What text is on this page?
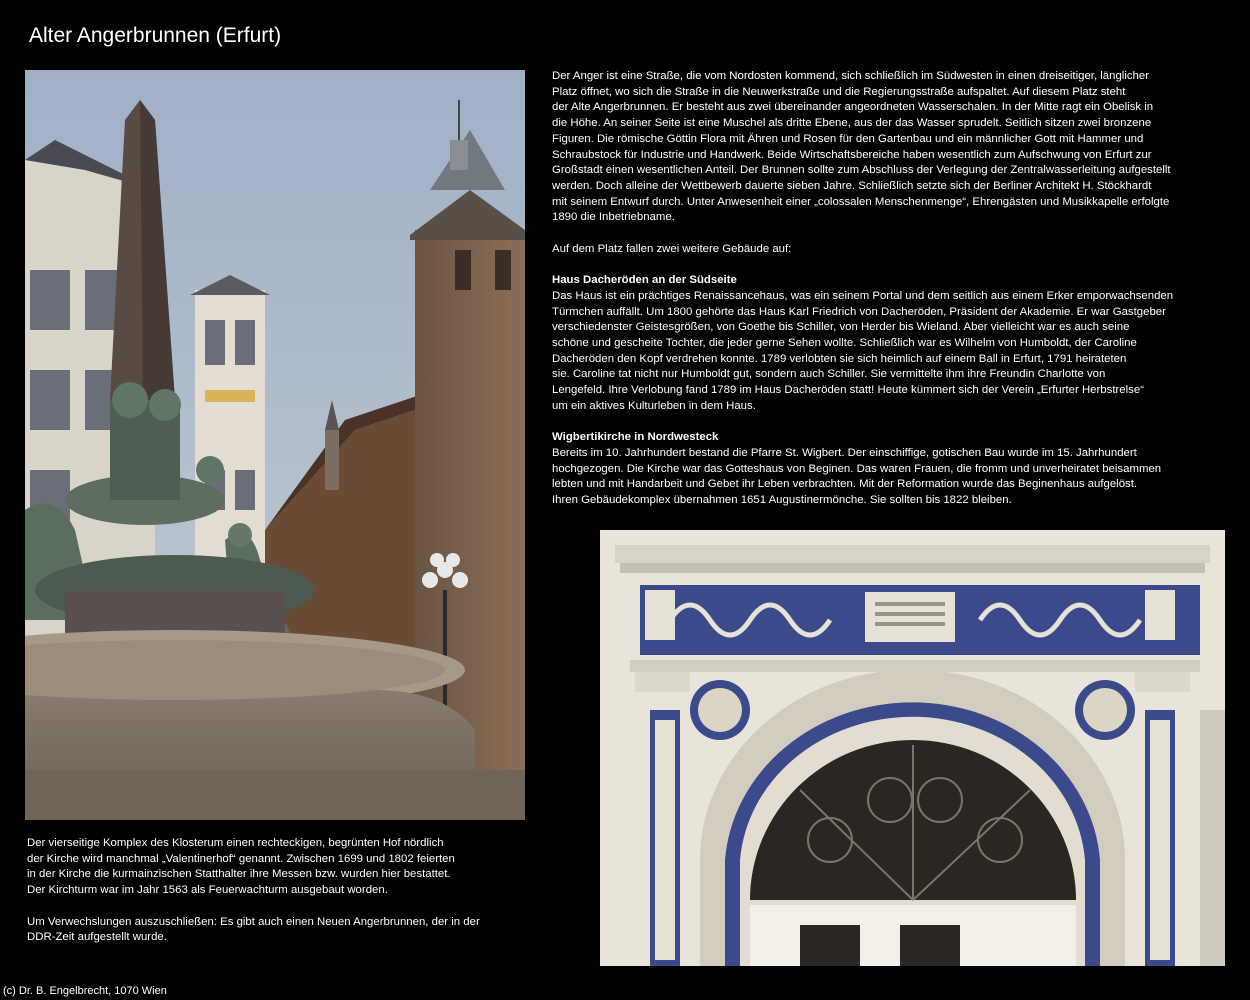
Alter Angerbrunnen (Erfurt)

Der Anger ist eine Straße, die vom Nordosten kommend, sich schließlich im Südwesten in einen dreiseitiger, länglicher
Platz öffnet, wo sich die Straße in die Neuwerkstraße und die Regierungsstraße aufspaltet. Auf diesem Platz steht
der Alte Angerbrunnen. Er besteht aus zwei übereinander angeordneten Wasserschalen. In der Mitte ragt ein Obelisk in
die Höhe. An seiner Seite ist eine Muschel als dritte Ebene, aus der das Wasser sprudelt. Seitlich sitzen zwei bronzene
Figuren. Die römische Göttin Flora mit Ähren und Rosen für den Gartenbau und ein männlicher Gott mit Hammer und
Schraubstock für Industrie und Handwerk. Beide Wirtschaftsbereiche haben wesentlich zum Aufschwung von Erfurt zur
Großstadt einen wesentlichen Anteil. Der Brunnen sollte zum Abschluss der Verlegung der Zentralwasserleitung aufgestellt
werden. Doch alleine der Wettbewerb dauerte sieben Jahre. Schließlich setzte sich der Berliner Architekt H. Stöckhardt
mit seinem Entwurf durch. Unter Anwesenheit einer „colossalen Menschenmenge“, Ehrengästen und Musikkapelle erfolgte
1890 die Inbetriebname.

Auf dem Platz fallen zwei weitere Gebäude auf:

Haus Dacheröden an der Südseite

Das Haus ist ein prächtiges Renaissancehaus, was ein seinem Portal und dem seitlich aus einem Erker emporwachsenden
Türmchen auffällt. Um 1800 gehörte das Haus Karl Friedrich von Dacheröden, Präsident der Akademie. Er war Gastgeber
verschiedenster Geistesgrößen, von Goethe bis Schiller, von Herder bis Wieland. Aber vielleicht war es auch seine
schöne und gescheite Tochter, die jeder gerne Sehen wollte. Schließlich war es Wilhelm von Humboldt, der Caroline
Dacheröden den Kopf verdrehen konnte. 1789 verlobten sie sich heimlich auf einem Ball in Erfurt, 1791 heirateten
sie. Caroline tat nicht nur Humboldt gut, sondern auch Schiller. Sie vermittelte ihm ihre Freundin Charlotte von
Lengefeld. Ihre Verlobung fand 1789 im Haus Dacheröden statt! Heute kümmert sich der Verein „Erfurter Herbstrelse“
um ein aktives Kulturleben in dem Haus.

Wigbertikirche in Nordwesteck

Bereits im 10. Jahrhundert bestand die Pfarre St. Wigbert. Der einschiffige, gotischen Bau wurde im 15. Jahrhundert
hochgezogen. Die Kirche war das Gotteshaus von Beginen. Das waren Frauen, die fromm und unverheiratet beisammen
lebten und mit Handarbeit und Gebet ihr Leben verbrachten. Mit der Reformation wurde das Beginenhaus aufgelöst.
Ihren Gebäudekomplex übernahmen 1651 Augustinermönche. Sie sollten bis 1822 bleiben.

Der vierseitige Komplex des Klosterum einen rechteckigen, begrünten Hof nördlich
der Kirche wird manchmal „Valentinerhof“ genannt. Zwischen 1699 und 1802 feierten
in der Kirche die kurmainzischen Statthalter ihre Messen bzw. wurden hier bestattet.
Der Kirchturm war im Jahr 1563 als Feuerwachturm ausgebaut worden.

Um Verwechslungen auszuschließen: Es gibt auch einen Neuen Angerbrunnen, der in der
DDR-Zeit aufgestellt wurde.

(c) Dr. B. Engelbrecht, 1070 Wien
